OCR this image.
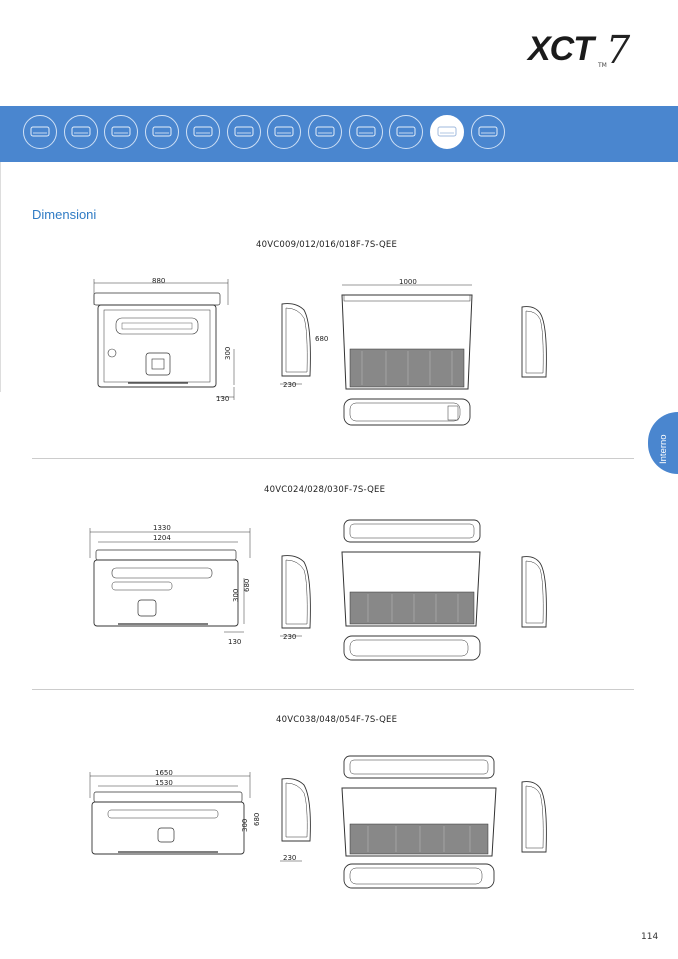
XCT TM 7
Dimensioni
Interno
40VC009/012/016/018F-7S-QEE
880
300
130
230
680
1000
1330
1204
300
680
130
230
1650
1530
300 680
230
40VC024/028/030F-7S-QEE
40VC038/048/054F-7S-QEE
114
